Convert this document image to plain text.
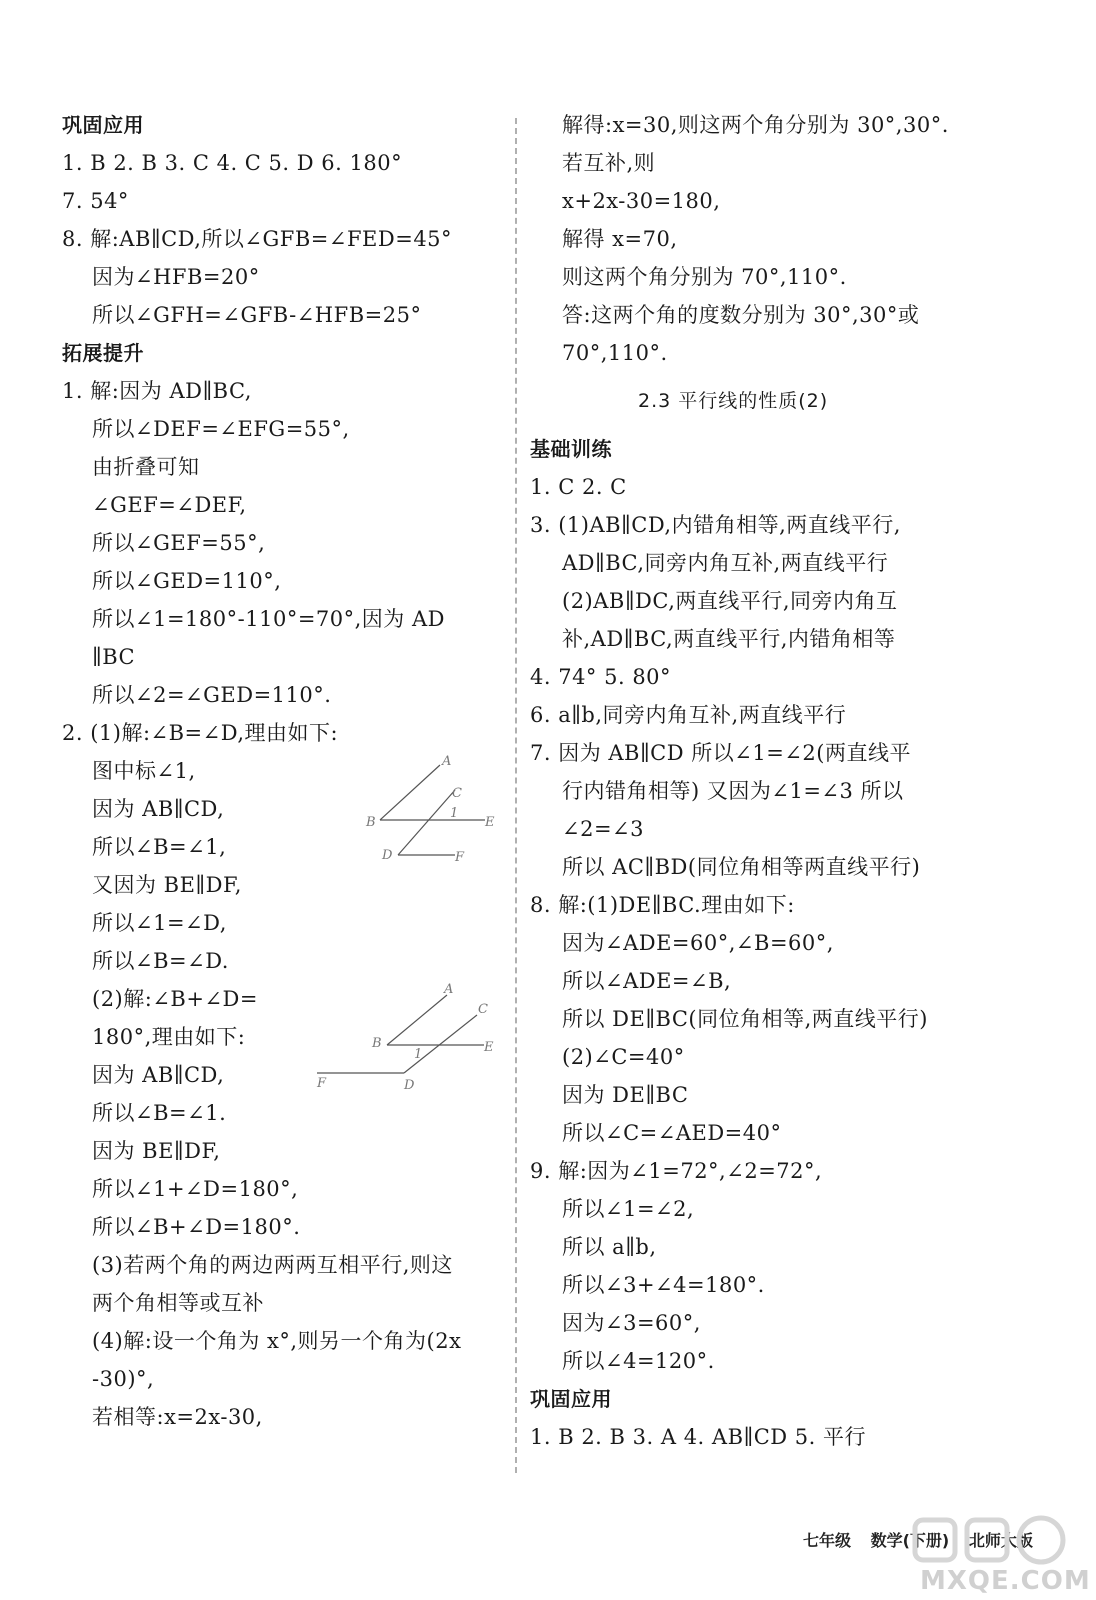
巩固应用
1. B 2. B 3. C 4. C 5. D 6. 180°
7. 54°
8. 解:AB∥CD,所以∠GFB=∠FED=45°
因为∠HFB=20°
所以∠GFH=∠GFB-∠HFB=25°
拓展提升
1. 解:因为 AD∥BC,
所以∠DEF=∠EFG=55°,
由折叠可知
∠GEF=∠DEF,
所以∠GEF=55°,
所以∠GED=110°,
所以∠1=180°-110°=70°,因为 AD
∥BC
所以∠2=∠GED=110°.
2. (1)解:∠B=∠D,理由如下:
图中标∠1,
因为 AB∥CD,
所以∠B=∠1,
又因为 BE∥DF,
所以∠1=∠D,
所以∠B=∠D.
(2)解:∠B+∠D=
180°,理由如下:
因为 AB∥CD,
所以∠B=∠1.
因为 BE∥DF,
所以∠1+∠D=180°,
所以∠B+∠D=180°.
(3)若两个角的两边两两互相平行,则这
两个角相等或互补
(4)解:设一个角为 x°,则另一个角为(2x
-30)°,
若相等:x=2x-30,
A
C
1
B	E
D	F
A
C
B
1	E
F	D
解得:x=30,则这两个角分别为 30°,30°.
若互补,则
x+2x-30=180,
解得 x=70,
则这两个角分别为 70°,110°.
答:这两个角的度数分别为 30°,30°或
70°,110°.
2.3 平行线的性质(2)
基础训练
1. C 2. C
3. (1)AB∥CD,内错角相等,两直线平行,
AD∥BC,同旁内角互补,两直线平行
(2)AB∥DC,两直线平行,同旁内角互
补,AD∥BC,两直线平行,内错角相等
4. 74° 5. 80°
6. a∥b,同旁内角互补,两直线平行
7. 因为 AB∥CD 所以∠1=∠2(两直线平
行内错角相等) 又因为∠1=∠3 所以
∠2=∠3
所以 AC∥BD(同位角相等两直线平行)
8. 解:(1)DE∥BC.理由如下:
因为∠ADE=60°,∠B=60°,
所以∠ADE=∠B,
所以 DE∥BC(同位角相等,两直线平行)
(2)∠C=40°
因为 DE∥BC
所以∠C=∠AED=40°
9. 解:因为∠1=72°,∠2=72°,
所以∠1=∠2,
所以 a∥b,
所以∠3+∠4=180°.
因为∠3=60°,
所以∠4=120°.
巩固应用
1. B 2. B 3. A 4. AB∥CD 5. 平行
七年级 数学(下册) 北师大版
MXQE.COM
